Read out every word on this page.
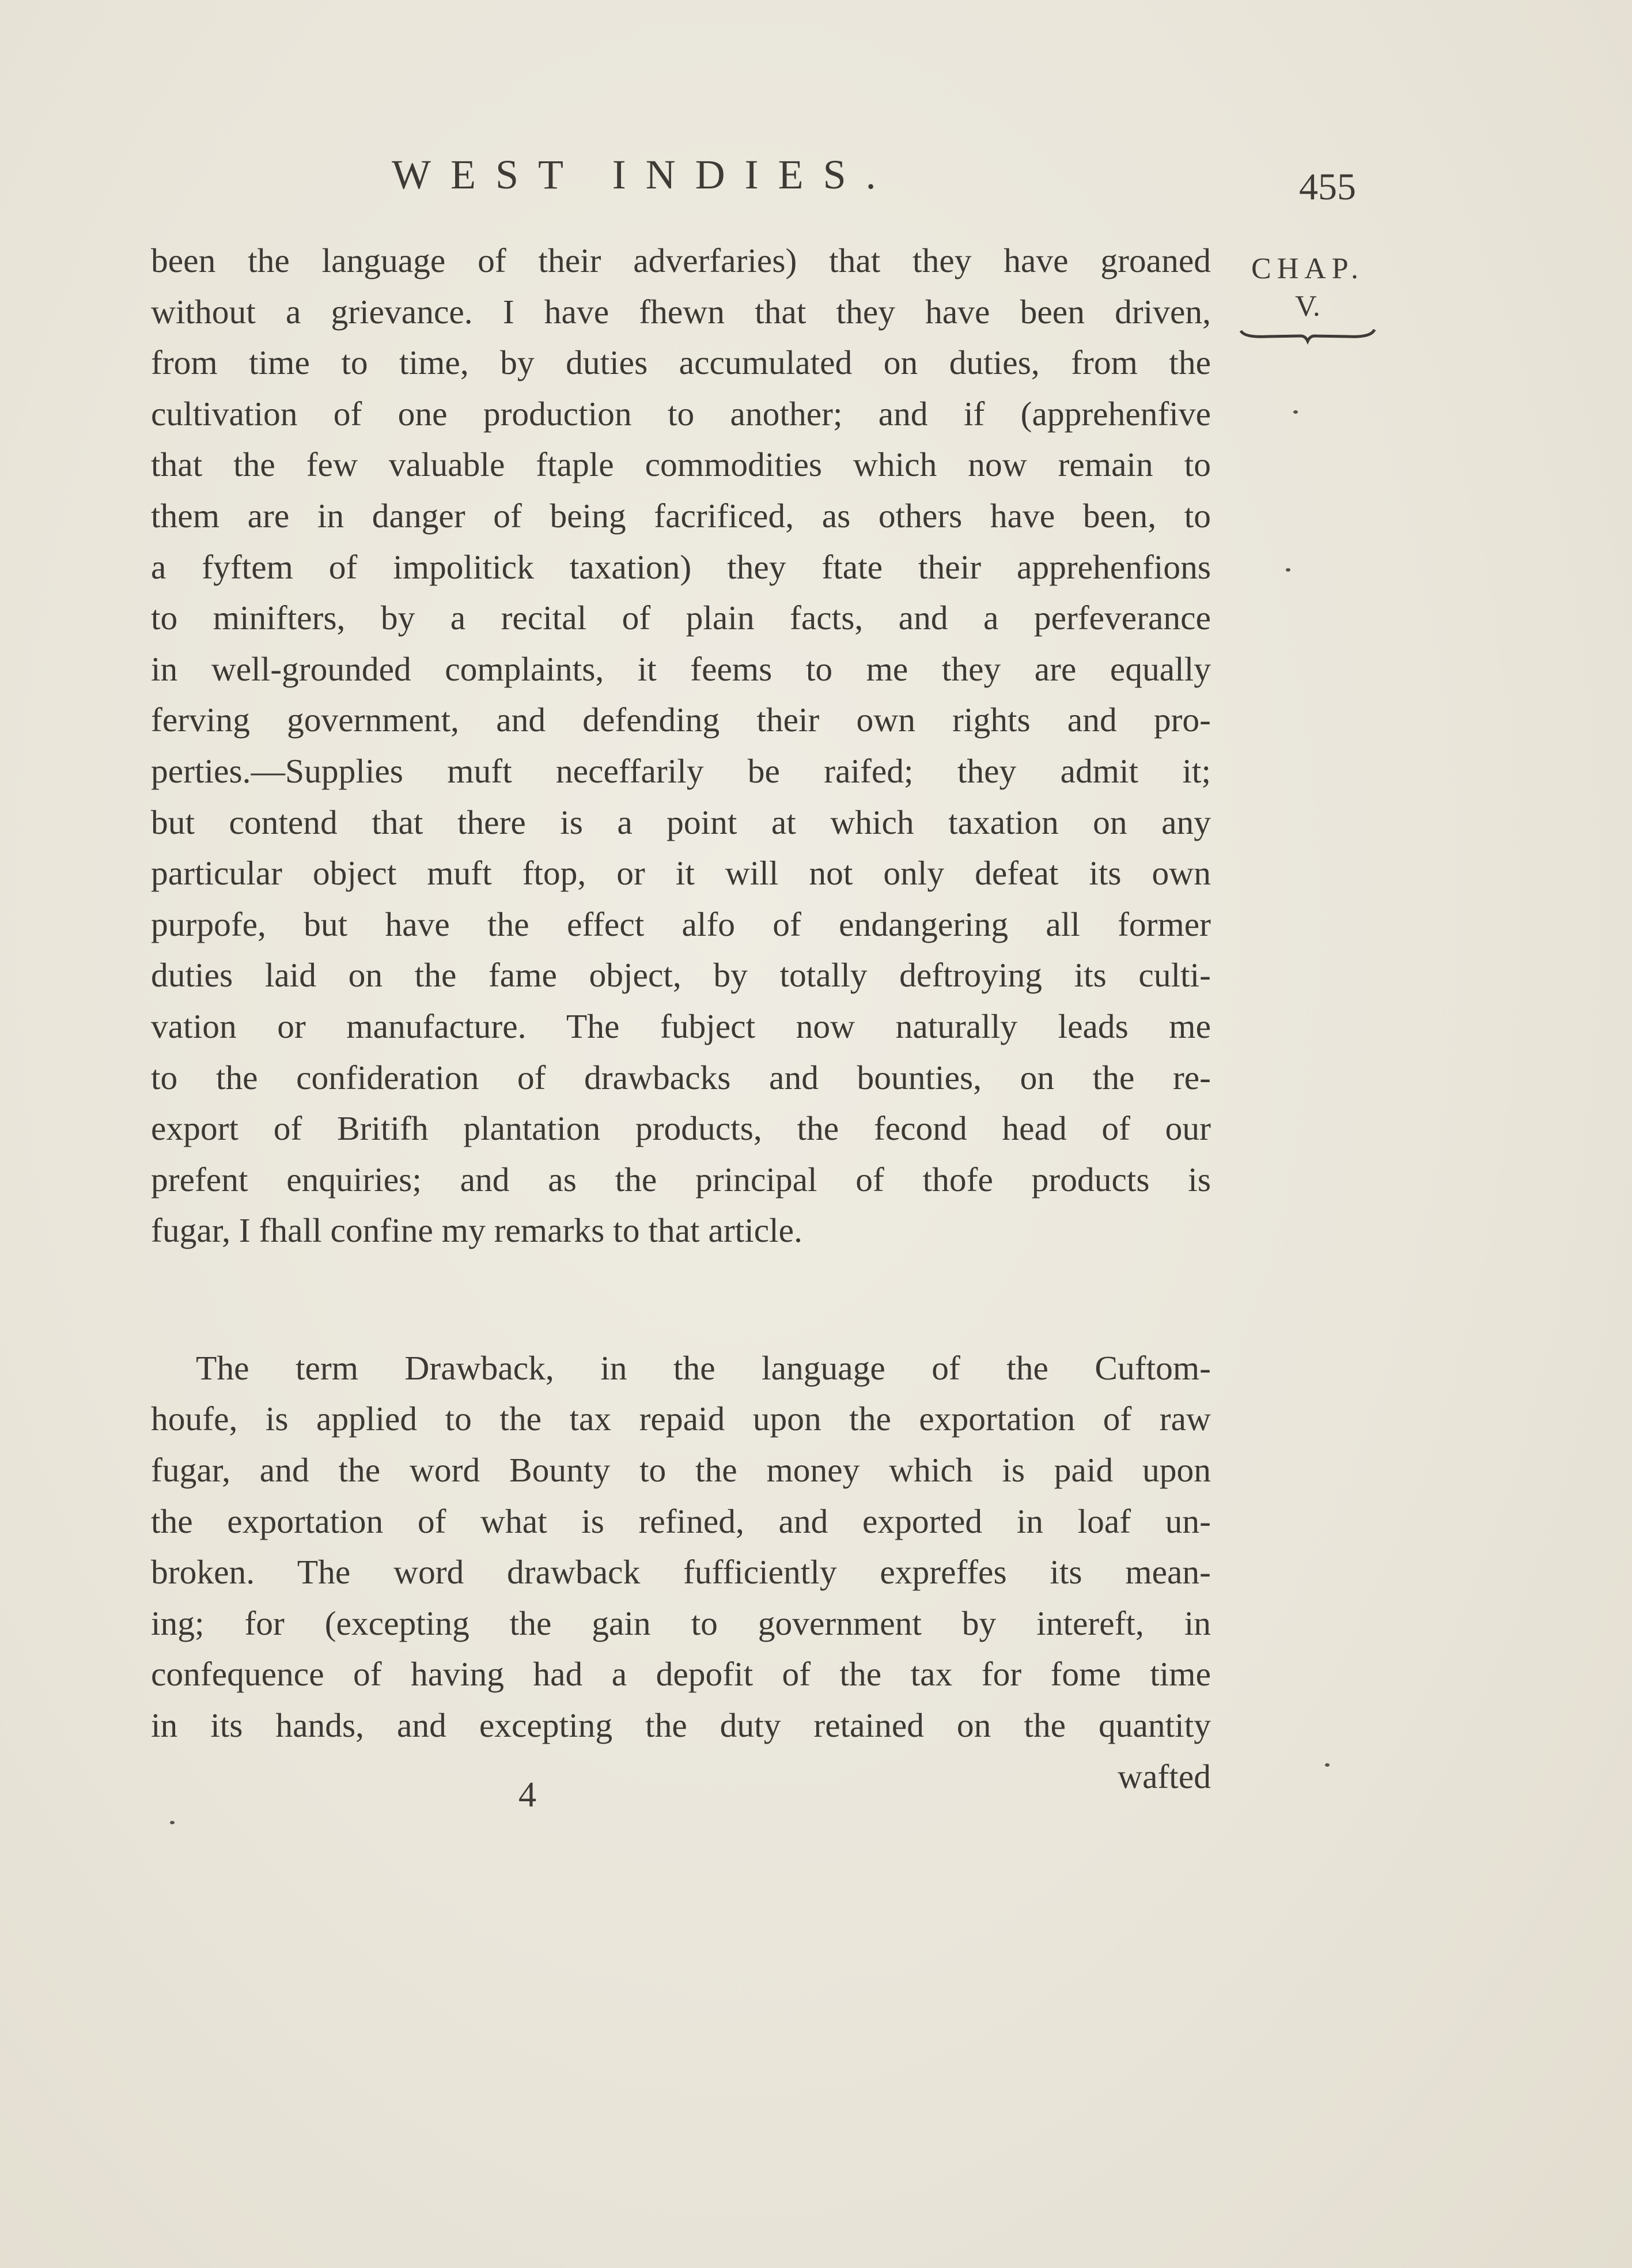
WEST INDIES.	455
CHAP.
V.
been the language of their adverfaries) that they have groaned
without a grievance. I have fhewn that they have been driven,
from time to time, by duties accumulated on duties, from the
cultivation of one production to another; and if (apprehenfive
that the few valuable ftaple commodities which now remain to
them are in danger of being facrificed, as others have been, to
a fyftem of impolitick taxation) they ftate their apprehenfions
to minifters, by a recital of plain facts, and a perfeverance
in well-grounded complaints, it feems to me they are equally
ferving government, and defending their own rights and pro-
perties.—Supplies muft neceffarily be raifed; they admit it;
but contend that there is a point at which taxation on any
particular object muft ftop, or it will not only defeat its own
purpofe, but have the effect alfo of endangering all former
duties laid on the fame object, by totally deftroying its culti-
vation or manufacture. The fubject now naturally leads me
to the confideration of drawbacks and bounties, on the re-
export of Britifh plantation products, the fecond head of our
prefent enquiries; and as the principal of thofe products is
fugar, I fhall confine my remarks to that article.
The term Drawback, in the language of the Cuftom-
houfe, is applied to the tax repaid upon the exportation of raw
fugar, and the word Bounty to the money which is paid upon
the exportation of what is refined, and exported in loaf un-
broken. The word drawback fufficiently expreffes its mean-
ing; for (excepting the gain to government by intereft, in
confequence of having had a depofit of the tax for fome time
in its hands, and excepting the duty retained on the quantity
wafted
4
